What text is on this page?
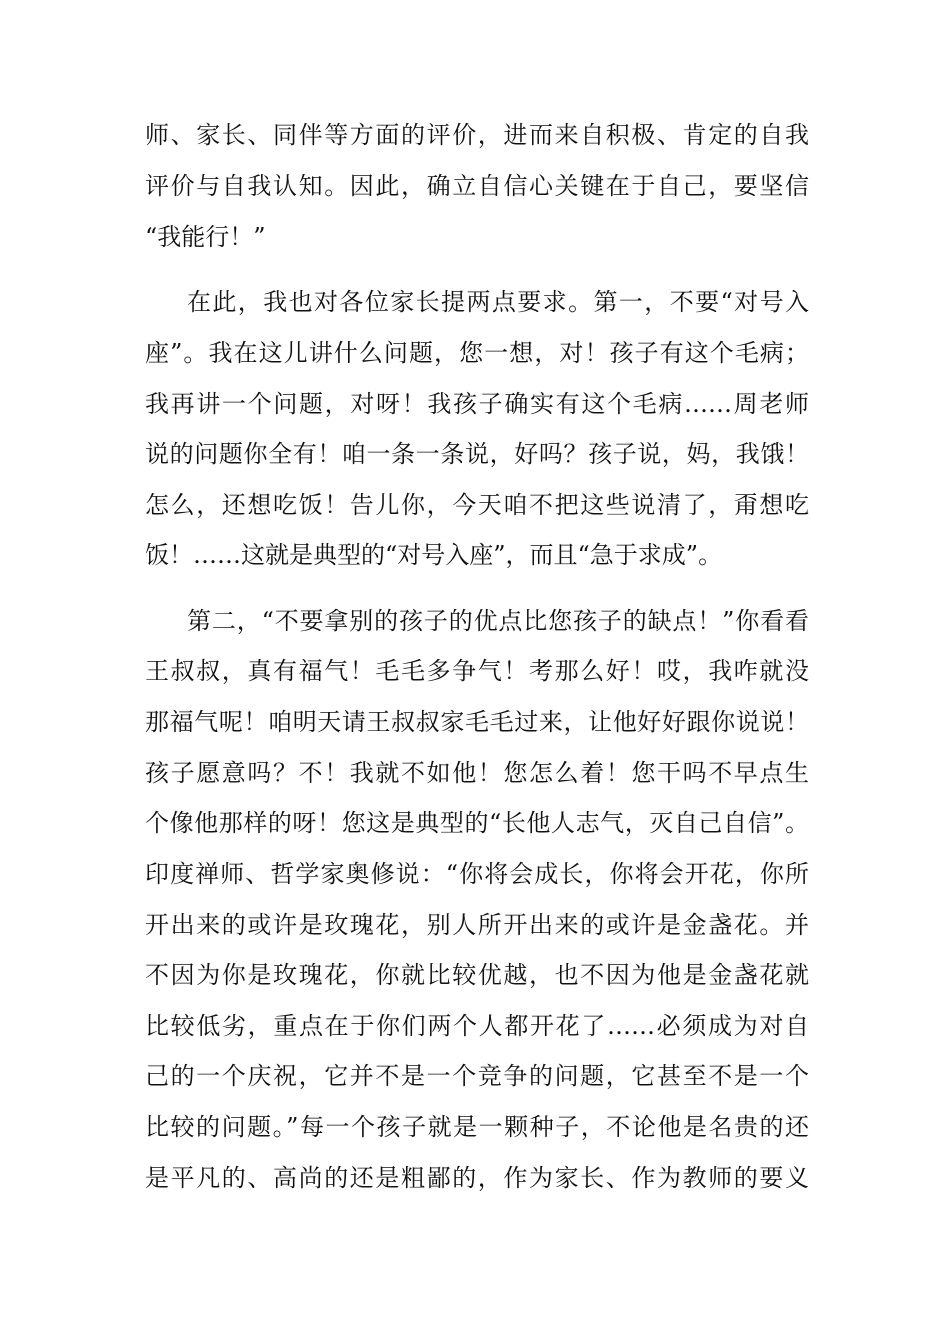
师、家长、同伴等方面的评价，进而来自积极、肯定的自我
评价与自我认知。因此，确立自信心关键在于自己，要坚信
“我能行！”
在此，我也对各位家长提两点要求。第一，不要“对号入
座”。我在这儿讲什么问题，您一想，对！孩子有这个毛病；
我再讲一个问题，对呀！我孩子确实有这个毛病……周老师
说的问题你全有！咱一条一条说，好吗？孩子说，妈，我饿！
怎么，还想吃饭！告儿你，今天咱不把这些说清了，甭想吃
饭！……这就是典型的“对号入座”，而且“急于求成”。
第二，“不要拿别的孩子的优点比您孩子的缺点！”你看看
王叔叔，真有福气！毛毛多争气！考那么好！哎，我咋就没
那福气呢！咱明天请王叔叔家毛毛过来，让他好好跟你说说！
孩子愿意吗？不！我就不如他！您怎么着！您干吗不早点生
个像他那样的呀！您这是典型的“长他人志气，灭自己自信”。
印度禅师、哲学家奥修说：“你将会成长，你将会开花，你所
开出来的或许是玫瑰花，别人所开出来的或许是金盏花。并
不因为你是玫瑰花，你就比较优越，也不因为他是金盏花就
比较低劣，重点在于你们两个人都开花了……必须成为对自
己的一个庆祝，它并不是一个竞争的问题，它甚至不是一个
比较的问题。”每一个孩子就是一颗种子，不论他是名贵的还
是平凡的、高尚的还是粗鄙的，作为家长、作为教师的要义
